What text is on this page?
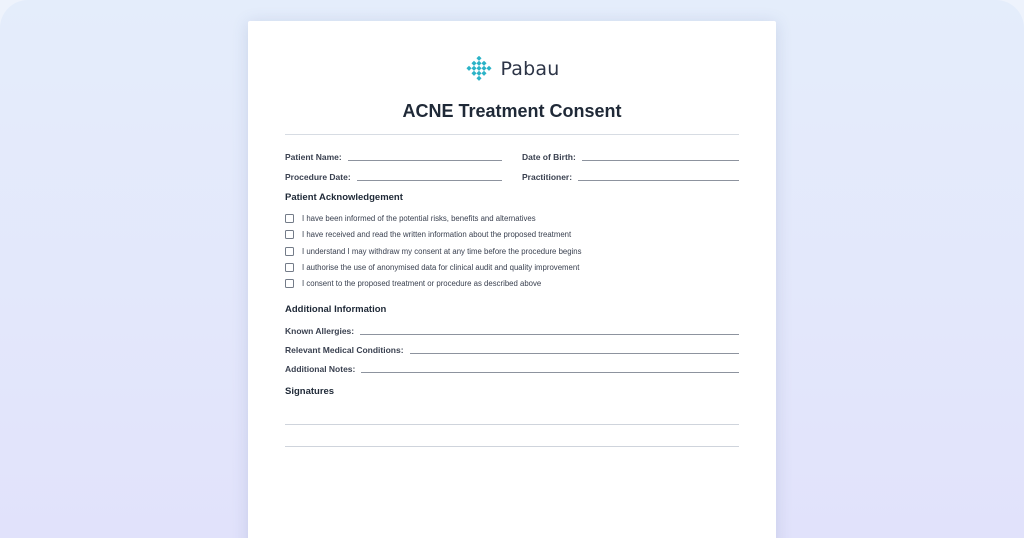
Pabau
ACNE Treatment Consent
Patient Name:	Date of Birth:
Procedure Date:	Practitioner:
Patient Acknowledgement
I have been informed of the potential risks, benefits and alternatives
I have received and read the written information about the proposed treatment
I understand I may withdraw my consent at any time before the procedure begins
I authorise the use of anonymised data for clinical audit and quality improvement
I consent to the proposed treatment or procedure as described above
Additional Information
Known Allergies:
Relevant Medical Conditions:
Additional Notes:
Signatures
